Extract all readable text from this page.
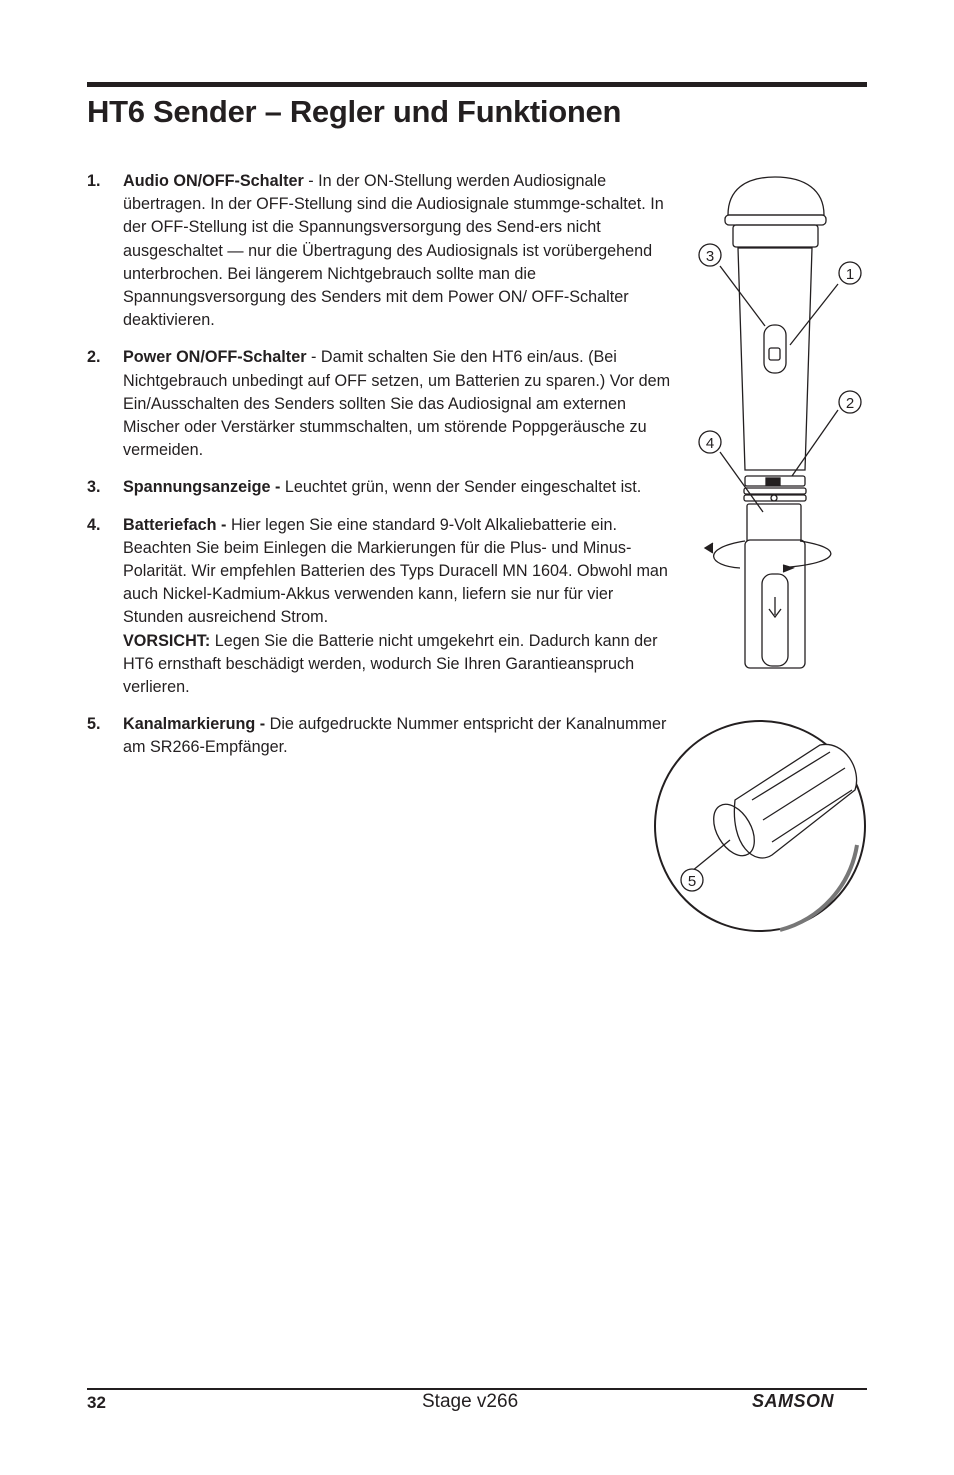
HT6 Sender – Regler und Funktionen
1. Audio ON/OFF-Schalter - In der ON-Stellung werden Audiosignale übertragen. In der OFF-Stellung sind die Audiosignale stummge-schaltet. In der OFF-Stellung ist die Spannungsversorgung des Send-ers nicht ausgeschaltet — nur die Übertragung des Audiosignals ist vorübergehend unterbrochen. Bei längerem Nichtgebrauch sollte man die Spannungsversorgung des Senders mit dem Power ON/ OFF-Schalter deaktivieren.
2. Power ON/OFF-Schalter - Damit schalten Sie den HT6 ein/aus. (Bei Nichtgebrauch unbedingt auf OFF setzen, um Batterien zu sparen.) Vor dem Ein/Ausschalten des Senders sollten Sie das Audiosignal am externen Mischer oder Verstärker stummschalten, um störende Poppgeräusche zu vermeiden.
3. Spannungsanzeige - Leuchtet grün, wenn der Sender eingeschaltet ist.
4. Batteriefach - Hier legen Sie eine standard 9-Volt Alkaliebatterie ein. Beachten Sie beim Einlegen die Markierungen für die Plus- und Minus-Polarität. Wir empfehlen Batterien des Typs Duracell MN 1604. Obwohl man auch Nickel-Kadmium-Akkus verwenden kann, liefern sie nur für vier Stunden ausreichend Strom.
VORSICHT: Legen Sie die Batterie nicht umgekehrt ein. Dadurch kann der HT6 ernsthaft beschädigt werden, wodurch Sie Ihren Garantieanspruch verlieren.
5. Kanalmarkierung - Die aufgedruckte Nummer entspricht der Kanalnummer am SR266-Empfänger.
3
1
2
4
5
32	Stage v266	SAMSON
